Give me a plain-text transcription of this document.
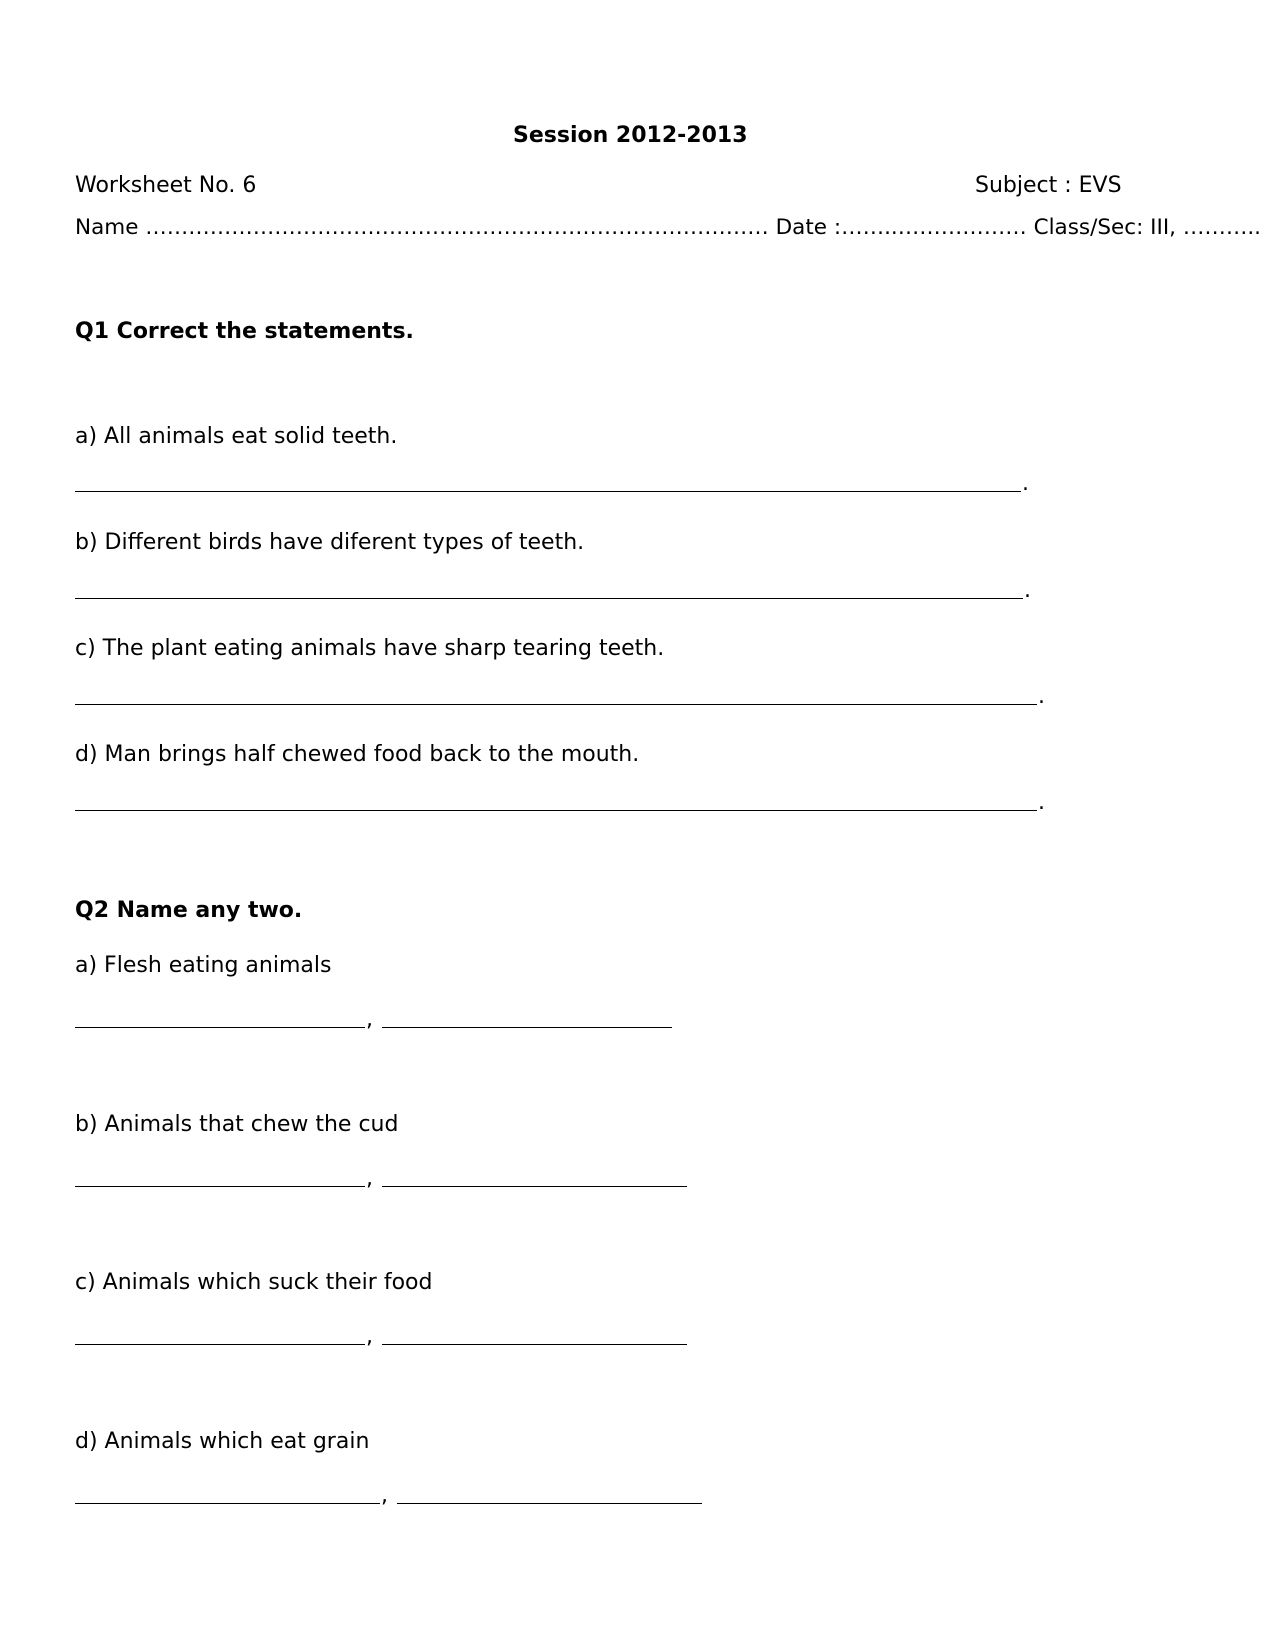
Session 2012-2013
Worksheet No. 6	Subject : EVS
Name …………………………………………………………………………… Date :……..……………… Class/Sec: III, ………..
Q1 Correct the statements.
a) All animals eat solid teeth.
.
b) Different birds have diferent types of teeth.
.
c) The plant eating animals have sharp tearing teeth.
.
d) Man brings half chewed food back to the mouth.
.
Q2 Name any two.
a) Flesh eating animals
,
b) Animals that chew the cud
,
c) Animals which suck their food
,
d) Animals which eat grain
,
